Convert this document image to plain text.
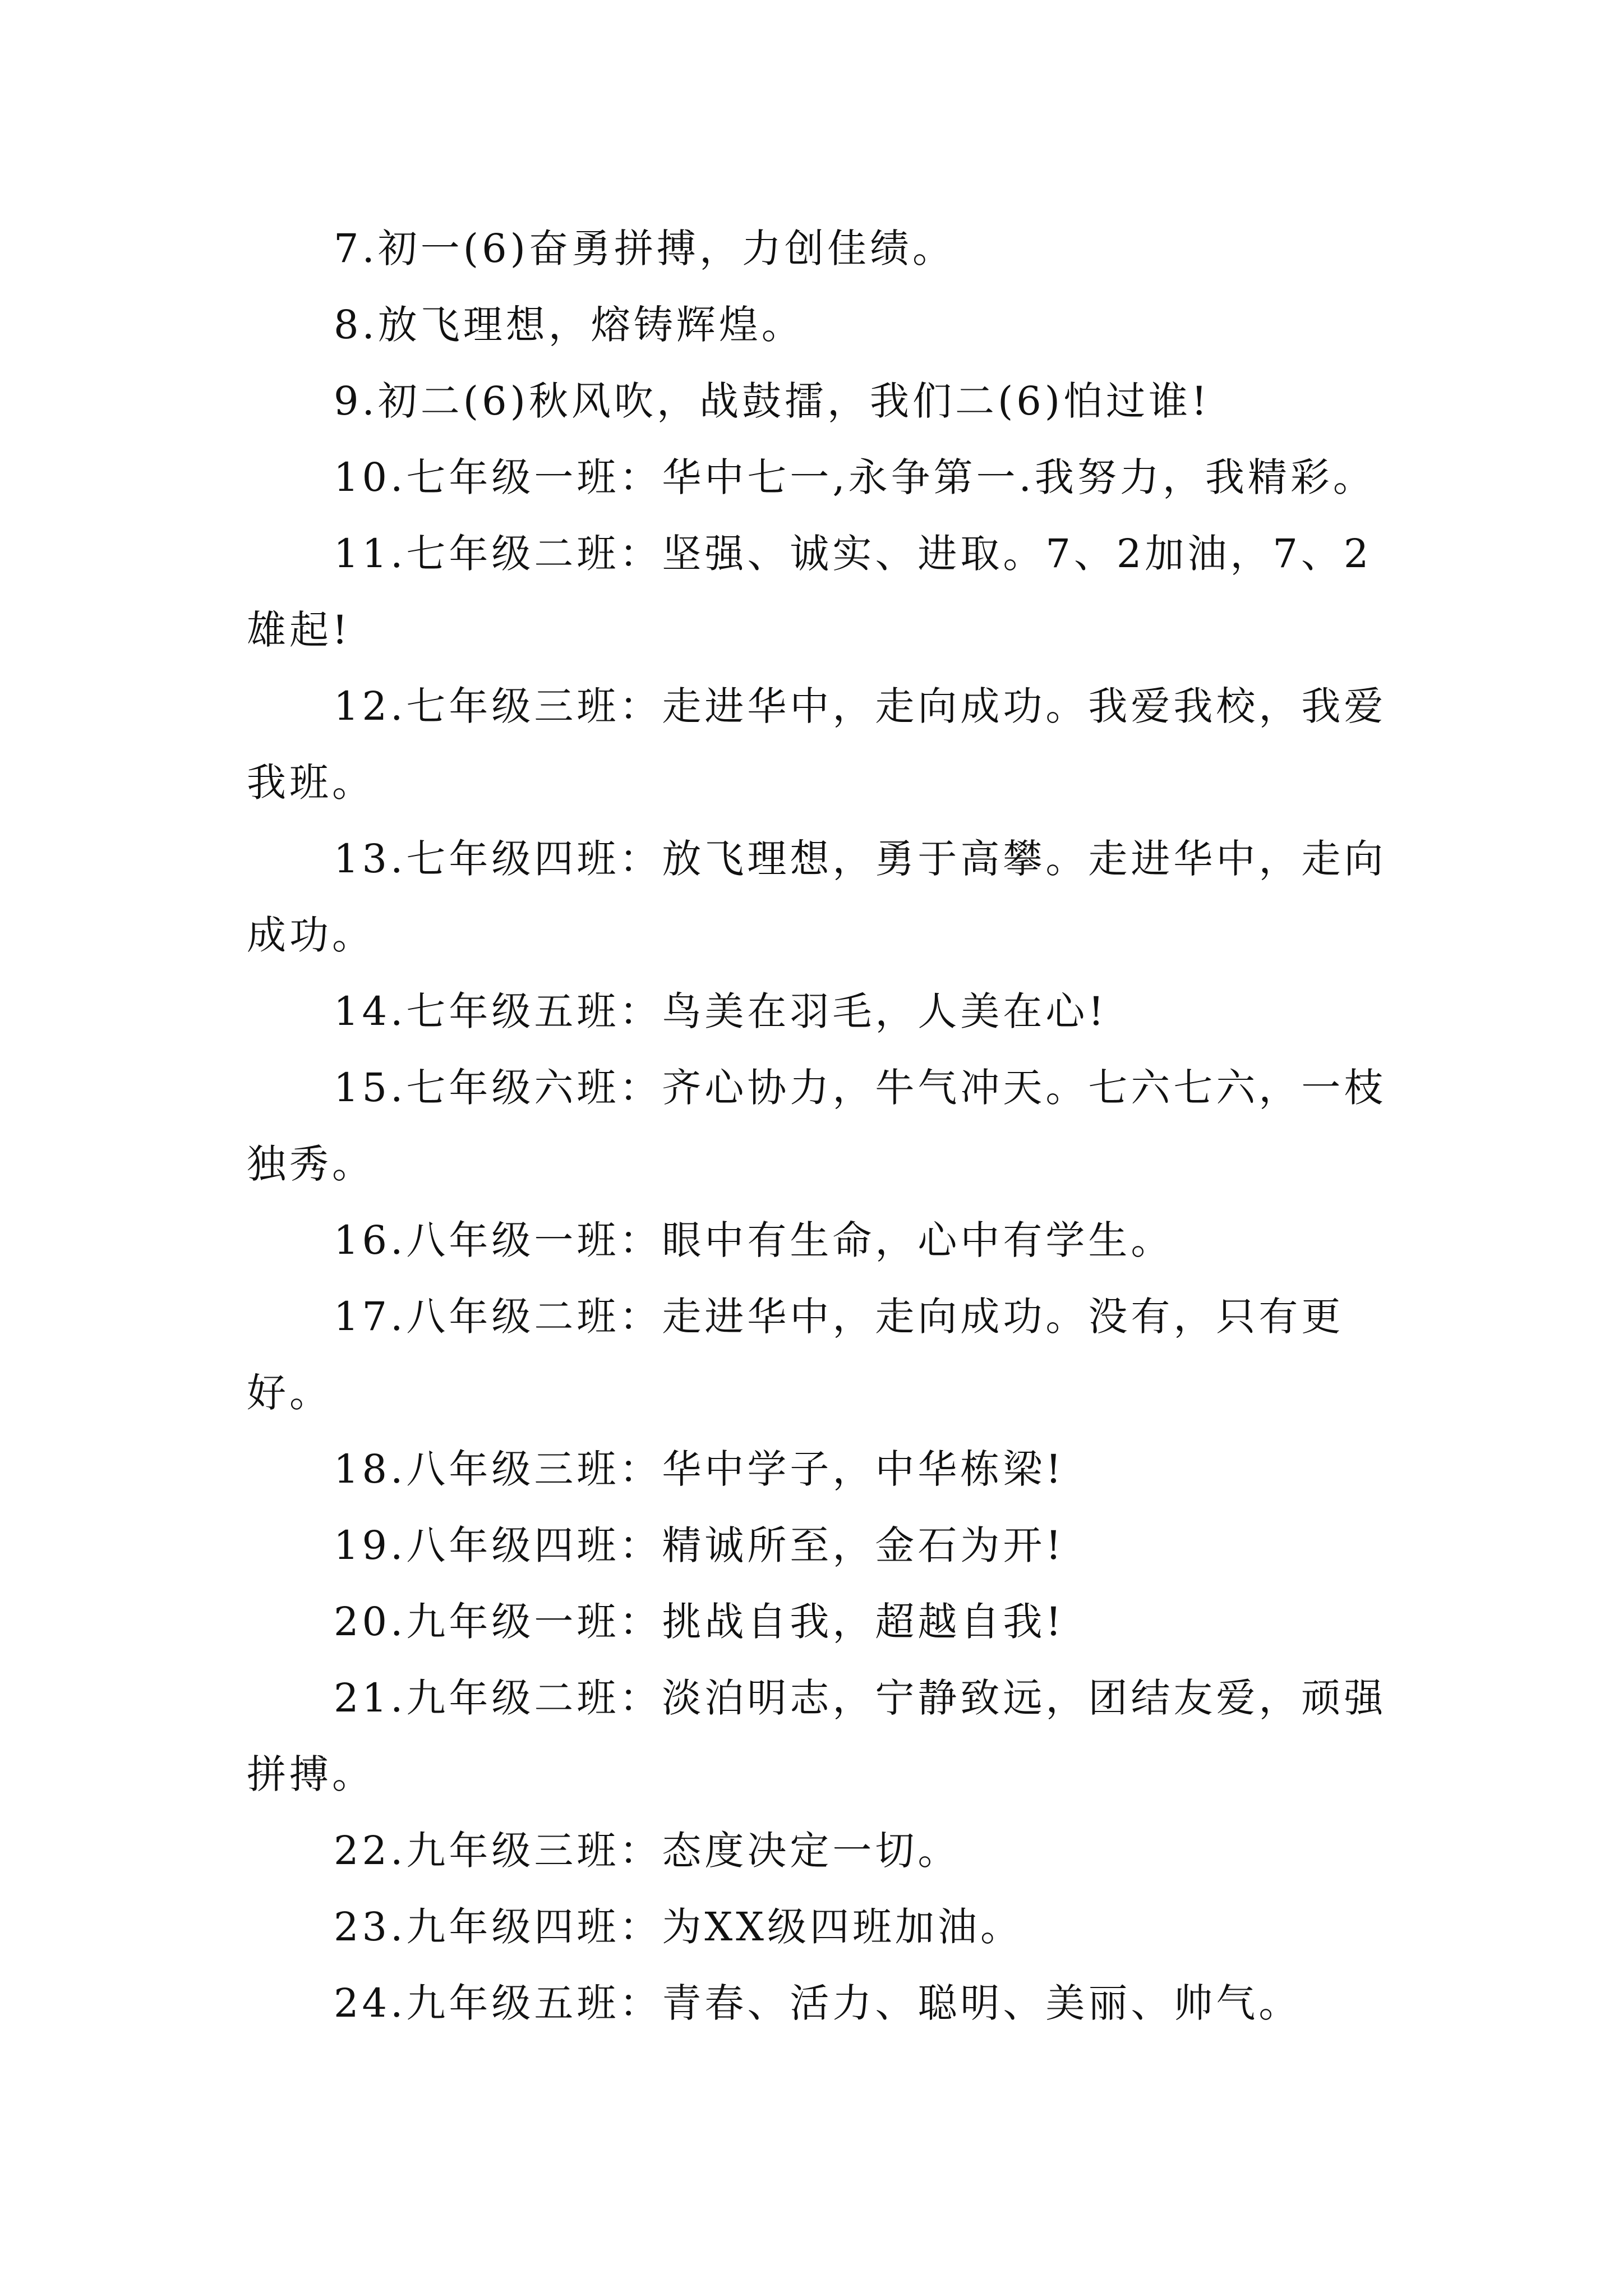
7.初一(6)奋勇拼搏，力创佳绩。

8.放飞理想，熔铸辉煌。

9.初二(6)秋风吹，战鼓擂，我们二(6)怕过谁!

10.七年级一班：华中七一,永争第一.我努力，我精彩。

11.七年级二班：坚强、诚实、进取。7、2加油，7、2雄起!

12.七年级三班：走进华中，走向成功。我爱我校，我爱我班。

13.七年级四班：放飞理想，勇于高攀。走进华中，走向成功。

14.七年级五班：鸟美在羽毛，人美在心!

15.七年级六班：齐心协力，牛气冲天。七六七六，一枝独秀。

16.八年级一班：眼中有生命，心中有学生。

17.八年级二班：走进华中，走向成功。没有，只有更好。

18.八年级三班：华中学子，中华栋梁!

19.八年级四班：精诚所至，金石为开!

20.九年级一班：挑战自我，超越自我!

21.九年级二班：淡泊明志，宁静致远，团结友爱，顽强拼搏。

22.九年级三班：态度决定一切。

23.九年级四班：为XX级四班加油。

24.九年级五班：青春、活力、聪明、美丽、帅气。
